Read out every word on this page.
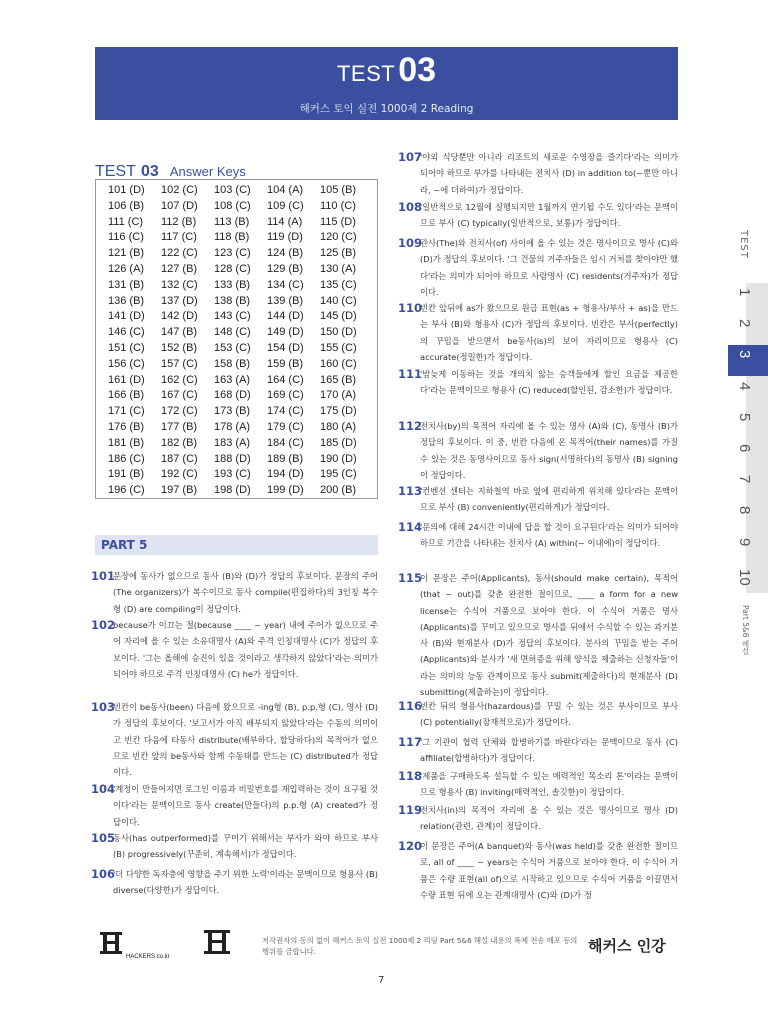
TEST03
해커스 토익 실전 1000제 2 Reading
TEST 03 Answer Keys
101 (D)	102 (C)	103 (C)	104 (A)	105 (B)
106 (B)	107 (D)	108 (C)	109 (C)	110 (C)
111 (C)	112 (B)	113 (B)	114 (A)	115 (D)
116 (C)	117 (C)	118 (B)	119 (D)	120 (C)
121 (B)	122 (C)	123 (C)	124 (B)	125 (B)
126 (A)	127 (B)	128 (C)	129 (B)	130 (A)
131 (B)	132 (C)	133 (B)	134 (C)	135 (C)
136 (B)	137 (D)	138 (B)	139 (B)	140 (C)
141 (D)	142 (D)	143 (C)	144 (D)	145 (D)
146 (C)	147 (B)	148 (C)	149 (D)	150 (D)
151 (C)	152 (B)	153 (C)	154 (D)	155 (C)
156 (C)	157 (C)	158 (B)	159 (B)	160 (C)
161 (D)	162 (C)	163 (A)	164 (C)	165 (B)
166 (B)	167 (C)	168 (D)	169 (C)	170 (A)
171 (C)	172 (C)	173 (B)	174 (C)	175 (D)
176 (B)	177 (B)	178 (A)	179 (C)	180 (A)
181 (B)	182 (B)	183 (A)	184 (C)	185 (D)
186 (C)	187 (C)	188 (D)	189 (B)	190 (D)
191 (B)	192 (C)	193 (C)	194 (D)	195 (C)
196 (C)	197 (B)	198 (D)	199 (D)	200 (B)
PART 5
101
문장에 동사가 없으므로 동사 (B)와 (D)가 정답의 후보이다. 문장의 주어(The organizers)가 복수이므로 동사 compile(편집하다)의 3인칭 복수형 (D) are compiling이 정답이다.
102
because가 이끄는 절(because ____ ~ year) 내에 주어가 없으므로 주어 자리에 올 수 있는 소유대명사 (A)와 주격 인칭대명사 (C)가 정답의 후보이다. '그는 올해에 승진이 있을 것이라고 생각하지 않았다'라는 의미가 되어야 하므로 주격 인칭대명사 (C) he가 정답이다.
103
빈칸이 be동사(been) 다음에 왔으므로 -ing형 (B), p.p.형 (C), 명사 (D)가 정답의 후보이다. '보고서가 아직 배부되지 않았다'라는 수동의 의미이고 빈칸 다음에 타동사 distribute(배부하다, 할당하다)의 목적어가 없으므로 빈칸 앞의 be동사와 함께 수동태를 만드는 (C) distributed가 정답이다.
104
'계정이 만들어지면 로그인 이름과 비밀번호를 재입력하는 것이 요구될 것이다'라는 문맥이므로 동사 create(만들다)의 p.p.형 (A) created가 정답이다.
105
동사(has outperformed)를 꾸미기 위해서는 부사가 와야 하므로 부사 (B) progressively(꾸준히, 계속해서)가 정답이다.
106
'더 다양한 독자층에 영향을 주기 위한 노력'이라는 문맥이므로 형용사 (B) diverse(다양한)가 정답이다.
107
'야외 식당뿐만 아니라 리조트의 새로운 수영장을 즐기다'라는 의미가 되어야 하므로 부가를 나타내는 전치사 (D) in addition to(~뿐만 아니라, ~에 더하여)가 정답이다.
108
'일반적으로 12월에 실행되지만 1월까지 연기될 수도 있다'라는 문맥이므로 부사 (C) typically(일반적으로, 보통)가 정답이다.
109
관사(The)와 전치사(of) 사이에 올 수 있는 것은 명사이므로 명사 (C)와 (D)가 정답의 후보이다. '그 건물의 거주자들은 임시 거처를 찾아야만 했다'라는 의미가 되어야 하므로 사람명사 (C) residents(거주자)가 정답이다.
110
빈칸 앞뒤에 as가 왔으므로 원급 표현(as + 형용사/부사 + as)을 만드는 부사 (B)와 형용사 (C)가 정답의 후보이다. 빈칸은 부사(perfectly)의 꾸밈을 받으면서 be동사(is)의 보어 자리이므로 형용사 (C) accurate(정밀한)가 정답이다.
111
'밤늦게 이동하는 것을 개의치 않는 승객들에게 할인 요금을 제공한다'라는 문맥이므로 형용사 (C) reduced(할인된, 감소한)가 정답이다.
112
전치사(by)의 목적어 자리에 올 수 있는 명사 (A)와 (C), 동명사 (B)가 정답의 후보이다. 이 중, 빈칸 다음에 온 목적어(their names)를 가질 수 있는 것은 동명사이므로 동사 sign(서명하다)의 동명사 (B) signing이 정답이다.
113
'컨벤션 센터는 지하철역 바로 옆에 편리하게 위치해 있다'라는 문맥이므로 부사 (B) conveniently(편리하게)가 정답이다.
114
'문의에 대해 24시간 이내에 답을 할 것이 요구된다'라는 의미가 되어야 하므로 기간을 나타내는 전치사 (A) within(~ 이내에)이 정답이다.
115
이 문장은 주어(Applicants), 동사(should make certain), 목적어(that ~ out)를 갖춘 완전한 절이므로, ____ a form for a new license는 수식어 거품으로 보아야 한다. 이 수식어 거품은 명사(Applicants)를 꾸미고 있으므로 명사를 뒤에서 수식할 수 있는 과거분사 (B)와 현재분사 (D)가 정답의 후보이다. 분사의 꾸밈을 받는 주어(Applicants)와 분사가 '새 면허증을 위해 양식을 제출하는 신청자들'이라는 의미의 능동 관계이므로 동사 submit(제출하다)의 현재분사 (D) submitting(제출하는)이 정답이다.
116
빈칸 뒤의 형용사(hazardous)를 꾸밀 수 있는 것은 부사이므로 부사 (C) potentially(잠재적으로)가 정답이다.
117
'그 기관이 협력 단체와 합병하기를 바란다'라는 문맥이므로 동사 (C) affiliate(합병하다)가 정답이다.
118
'제품을 구매하도록 설득할 수 있는 매력적인 목소리 톤'이라는 문맥이므로 형용사 (B) inviting(매력적인, 솔깃한)이 정답이다.
119
전치사(in)의 목적어 자리에 올 수 있는 것은 명사이므로 명사 (D) relation(관련, 관계)이 정답이다.
120
이 문장은 주어(A banquet)와 동사(was held)를 갖춘 완전한 절이므로, all of ____ ~ years는 수식어 거품으로 보아야 한다. 이 수식어 거품은 수량 표현(all of)으로 시작하고 있으므로 수식어 거품을 이끌면서 수량 표현 뒤에 오는 관계대명사 (C)와 (D)가 정
TEST
1
2
3
4
5
6
7
8
9
10
Part 5&6 해설
HACKERS.co.kr
저작권자의 동의 없이 해커스 토익 실전 1000제 2 리딩 Part 5&6 해설 내용의 복제 전송 배포 등의 행위를 금합니다.	해커스 인강
7
